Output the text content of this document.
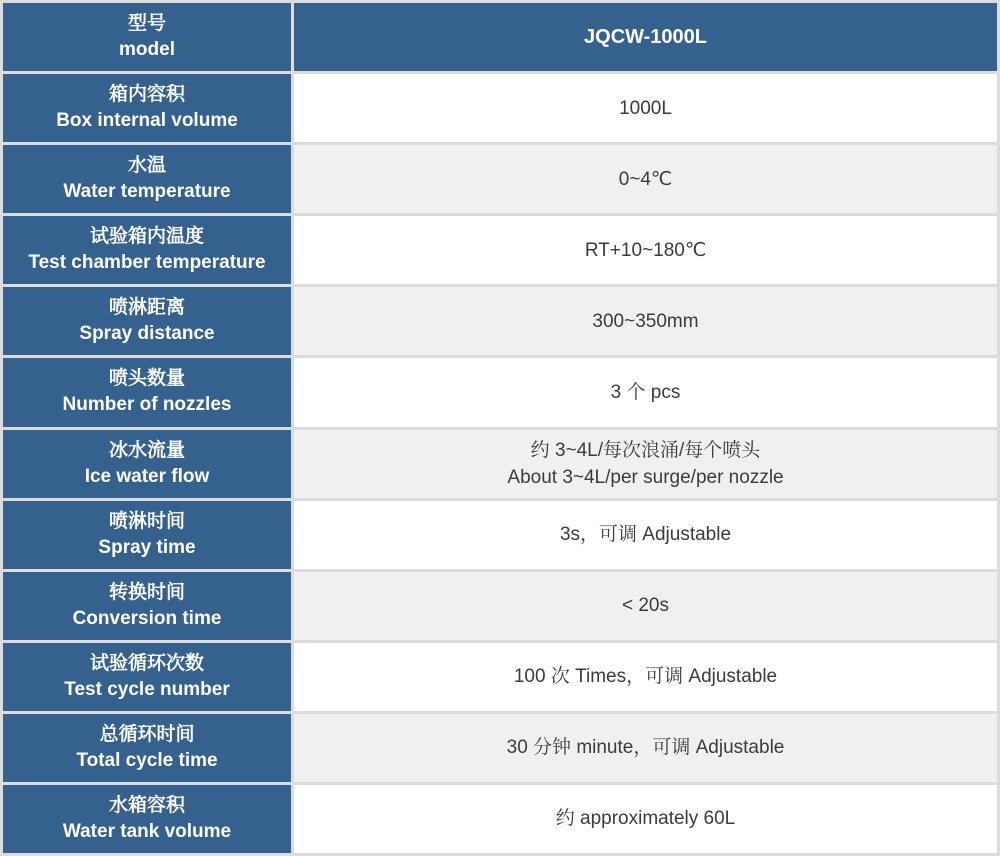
型号
model
JQCW-1000L
箱内容积
Box internal volume
1000L
水温
Water temperature
0~4℃
试验箱内温度
Test chamber temperature
RT+10~180℃
喷淋距离
Spray distance
300~350mm
喷头数量
Number of nozzles
3 个 pcs
冰水流量
Ice water flow
约 3~4L/每次浪涌/每个喷头
About 3~4L/per surge/per nozzle
喷淋时间
Spray time
3s，可调 Adjustable
转换时间
Conversion time
< 20s
试验循环次数
Test cycle number
100 次 Times，可调 Adjustable
总循环时间
Total cycle time
30 分钟 minute，可调 Adjustable
水箱容积
Water tank volume
约 approximately 60L
